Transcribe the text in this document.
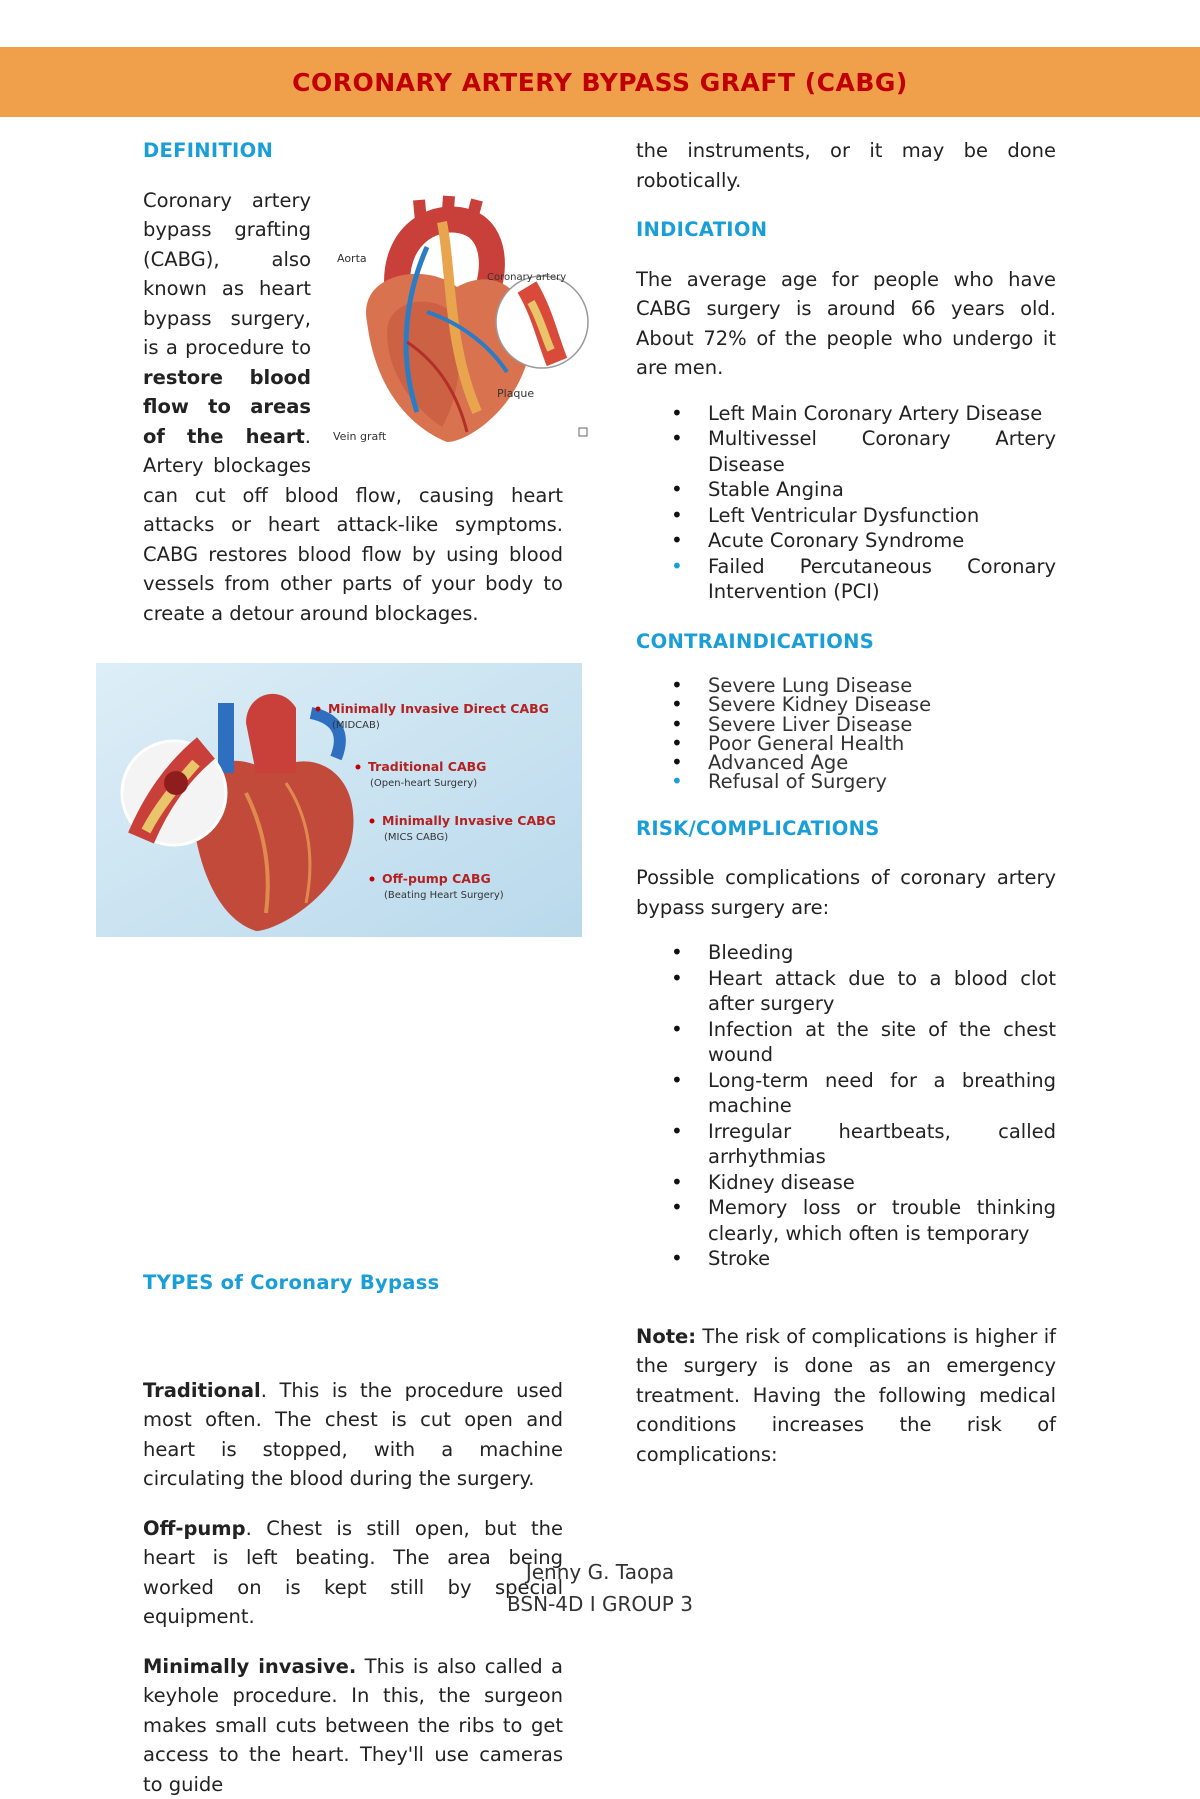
CORONARY ARTERY BYPASS GRAFT (CABG)
DEFINITION
Aorta
Coronary artery
Plaque
Vein graft

Coronary artery bypass grafting (CABG), also known as heart bypass surgery, is a procedure to restore blood flow to areas of the heart. Artery blockages can cut off blood flow, causing heart attacks or heart attack-like symptoms. CABG restores blood flow by using blood vessels from other parts of your body to create a detour around blockages.

TYPES of Coronary Bypass

Traditional. This is the procedure used most often. The chest is cut open and heart is stopped, with a machine circulating the blood during the surgery.

Off-pump. Chest is still open, but the heart is left beating. The area being worked on is kept still by special equipment.

Minimally invasive. This is also called a keyhole procedure. In this, the surgeon makes small cuts between the ribs to get access to the heart. They'll use cameras to guide

Minimally Invasive Direct CABG
(MIDCAB)
Traditional CABG
(Open-heart Surgery)
Minimally Invasive CABG
(MICS CABG)
Off-pump CABG
(Beating Heart Surgery)

the instruments, or it may be done robotically.

INDICATION

The average age for people who have CABG surgery is around 66 years old. About 72% of the people who undergo it are men.

• Left Main Coronary Artery Disease
• Multivessel Coronary Artery Disease
• Stable Angina
• Left Ventricular Dysfunction
• Acute Coronary Syndrome
• Failed Percutaneous Coronary Intervention (PCI)
CONTRAINDICATIONS
• Severe Lung Disease
• Severe Kidney Disease
• Severe Liver Disease
• Poor General Health
• Advanced Age
• Refusal of Surgery
RISK/COMPLICATIONS

Possible complications of coronary artery bypass surgery are:

• Bleeding
• Heart attack due to a blood clot after surgery
• Infection at the site of the chest wound
• Long-term need for a breathing machine
• Irregular heartbeats, called arrhythmias
• Kidney disease
• Memory loss or trouble thinking clearly, which often is temporary
• Stroke

Note: The risk of complications is higher if the surgery is done as an emergency treatment. Having the following medical conditions increases the risk of complications:

Jenny G. Taopa
BSN-4D I GROUP 3
